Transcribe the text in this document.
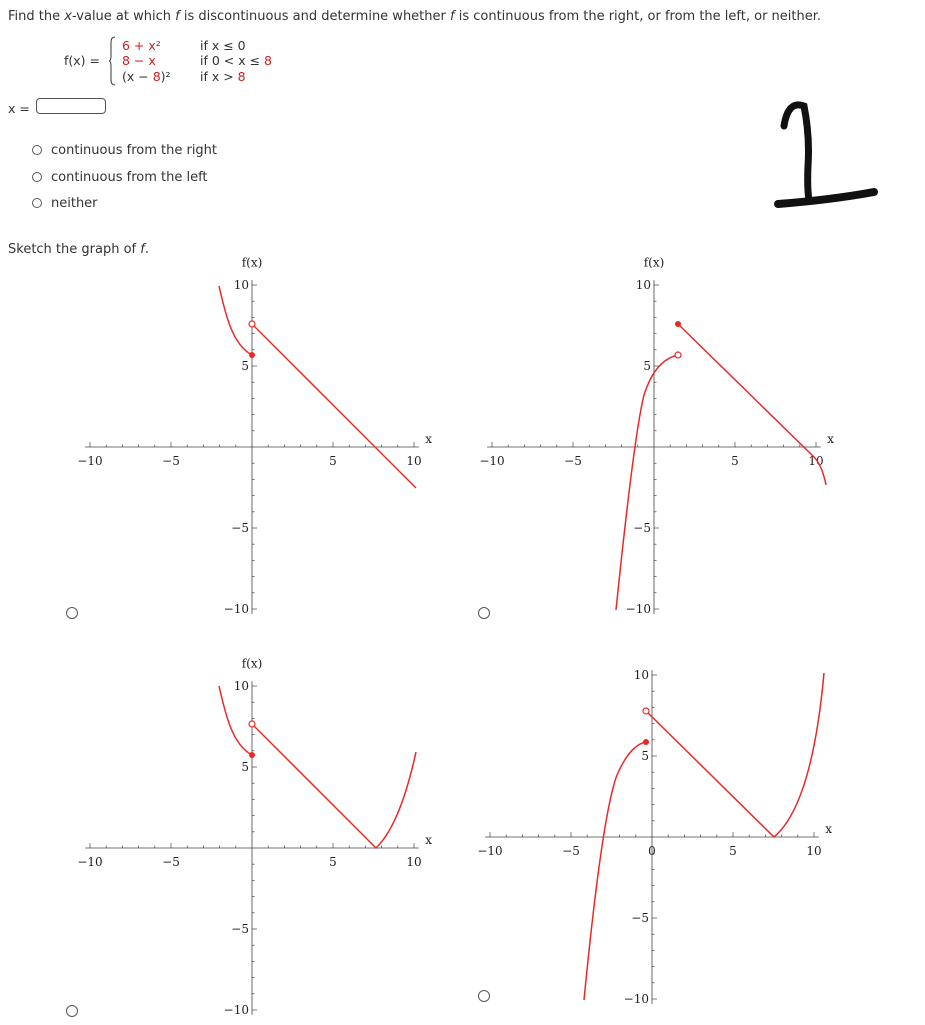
Find the x-value at which f is discontinuous and determine whether f is continuous from the right, or from the left, or neither.
f(x) =
6 + x²	if x ≤ 0
8 − x	if 0 < x ≤ 8
(x − 8)² if x > 8
x =
continuous from the right
continuous from the left
neither
Sketch the graph of f.
−10	−5	5	10
10
5
−5
−10
x
f(x)
−10	−5	5	10
10
5
−5
−10
x
f(x)
−10	−5	5	10
10
5
−5
−10
x
f(x)
−10	−5	5	10
0
10
5
−5
−10
x
